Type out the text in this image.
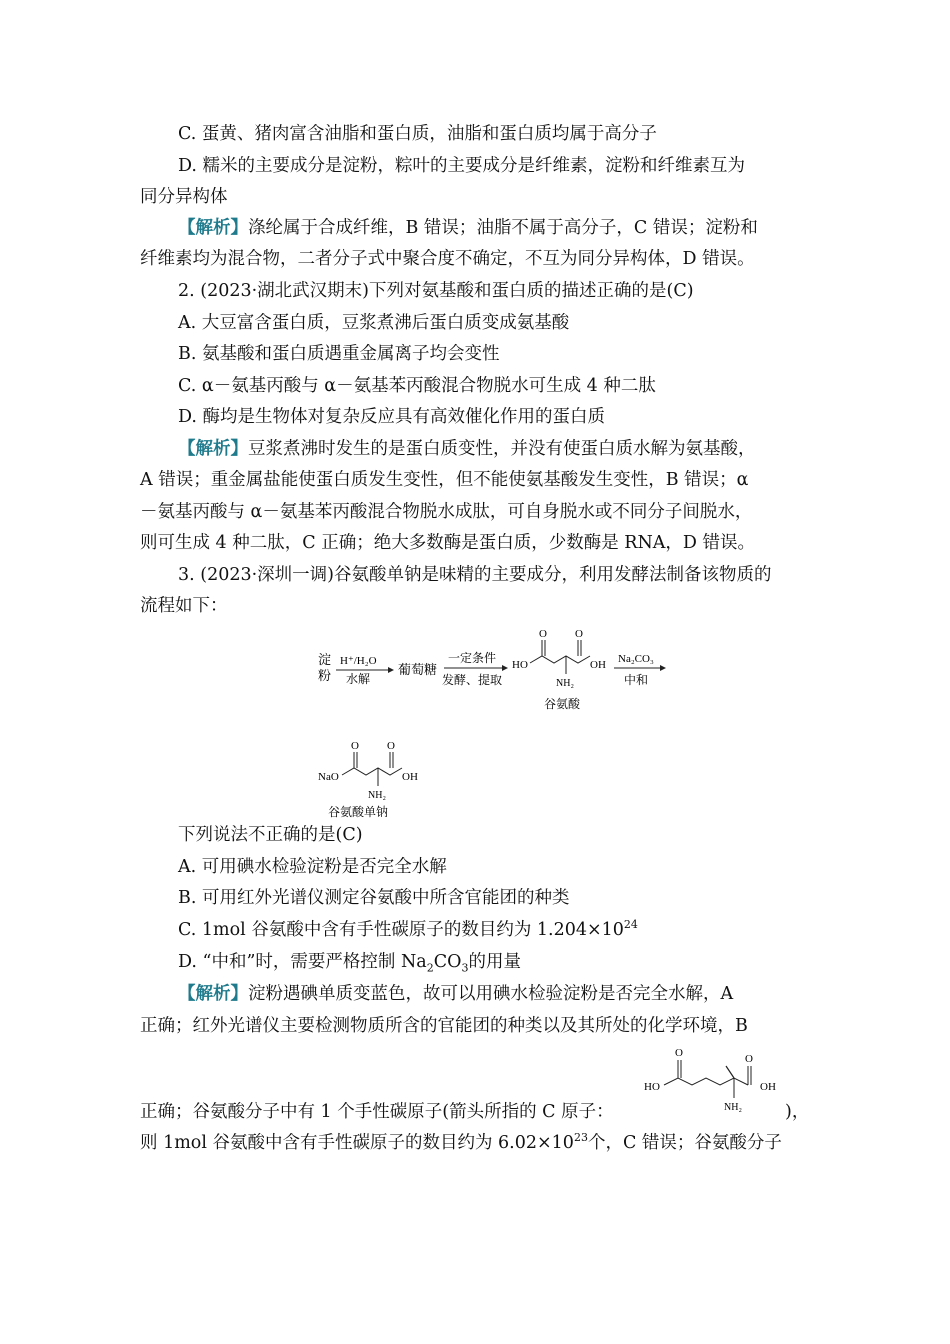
C. 蛋黄、猪肉富含油脂和蛋白质，油脂和蛋白质均属于高分子
D. 糯米的主要成分是淀粉，粽叶的主要成分是纤维素，淀粉和纤维素互为
同分异构体
【解析】涤纶属于合成纤维，B 错误；油脂不属于高分子，C 错误；淀粉和
纤维素均为混合物，二者分子式中聚合度不确定，不互为同分异构体，D 错误。
2. (2023·湖北武汉期末)下列对氨基酸和蛋白质的描述正确的是(C)
A. 大豆富含蛋白质，豆浆煮沸后蛋白质变成氨基酸
B. 氨基酸和蛋白质遇重金属离子均会变性
C. α－氨基丙酸与 α－氨基苯丙酸混合物脱水可生成 4 种二肽
D. 酶均是生物体对复杂反应具有高效催化作用的蛋白质
【解析】豆浆煮沸时发生的是蛋白质变性，并没有使蛋白质水解为氨基酸，
A 错误；重金属盐能使蛋白质发生变性，但不能使氨基酸发生变性，B 错误；α
－氨基丙酸与 α－氨基苯丙酸混合物脱水成肽，可自身脱水或不同分子间脱水，
则可生成 4 种二肽，C 正确；绝大多数酶是蛋白质，少数酶是 RNA，D 错误。
3. (2023·深圳一调)谷氨酸单钠是味精的主要成分，利用发酵法制备该物质的
流程如下：
淀
粉
H⁺/H₂O
水解
葡萄糖
一定条件
发酵、提取
HO
O	O
OH
NH₂
谷氨酸
Na₂CO₃
中和
NaO
O	O
OH
NH₂
谷氨酸单钠
下列说法不正确的是(C)
A. 可用碘水检验淀粉是否完全水解
B. 可用红外光谱仪测定谷氨酸中所含官能团的种类
C. 1mol 谷氨酸中含有手性碳原子的数目约为 $1.204\times 10^{24}$
D. “中和”时，需要严格控制 $Na_2CO_3$的用量
【解析】淀粉遇碘单质变蓝色，故可以用碘水检验淀粉是否完全水解，A
正确；红外光谱仪主要检测物质所含的官能团的种类以及其所处的化学环境，B
HO
O	O
OH
NH₂
正确；谷氨酸分子中有 1 个手性碳原子(箭头所指的 C 原子：	)，
则 1mol 谷氨酸中含有手性碳原子的数目约为 $6.02\times 10^{23}$个，C 错误；谷氨酸分子
